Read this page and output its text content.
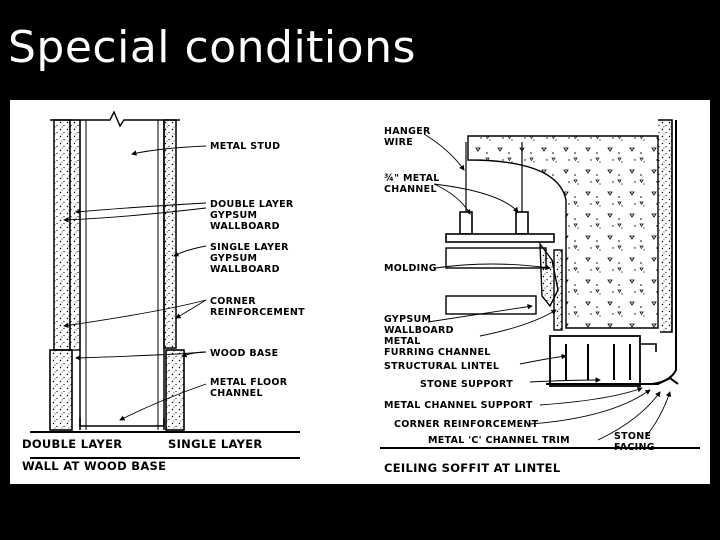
Special conditions
METAL STUD
DOUBLE LAYER
GYPSUM
WALLBOARD
SINGLE LAYER
GYPSUM
WALLBOARD
CORNER
REINFORCEMENT
WOOD BASE
METAL FLOOR
CHANNEL
DOUBLE LAYER	SINGLE LAYER
WALL AT WOOD BASE
HANGER
WIRE
¾" METAL
CHANNEL
MOLDING
GYPSUM
WALLBOARD
METAL
FURRING CHANNEL
STRUCTURAL LINTEL
STONE SUPPORT
METAL CHANNEL SUPPORT
CORNER REINFORCEMENT
METAL 'C' CHANNEL TRIM	STONE
FACING
CEILING SOFFIT AT LINTEL
